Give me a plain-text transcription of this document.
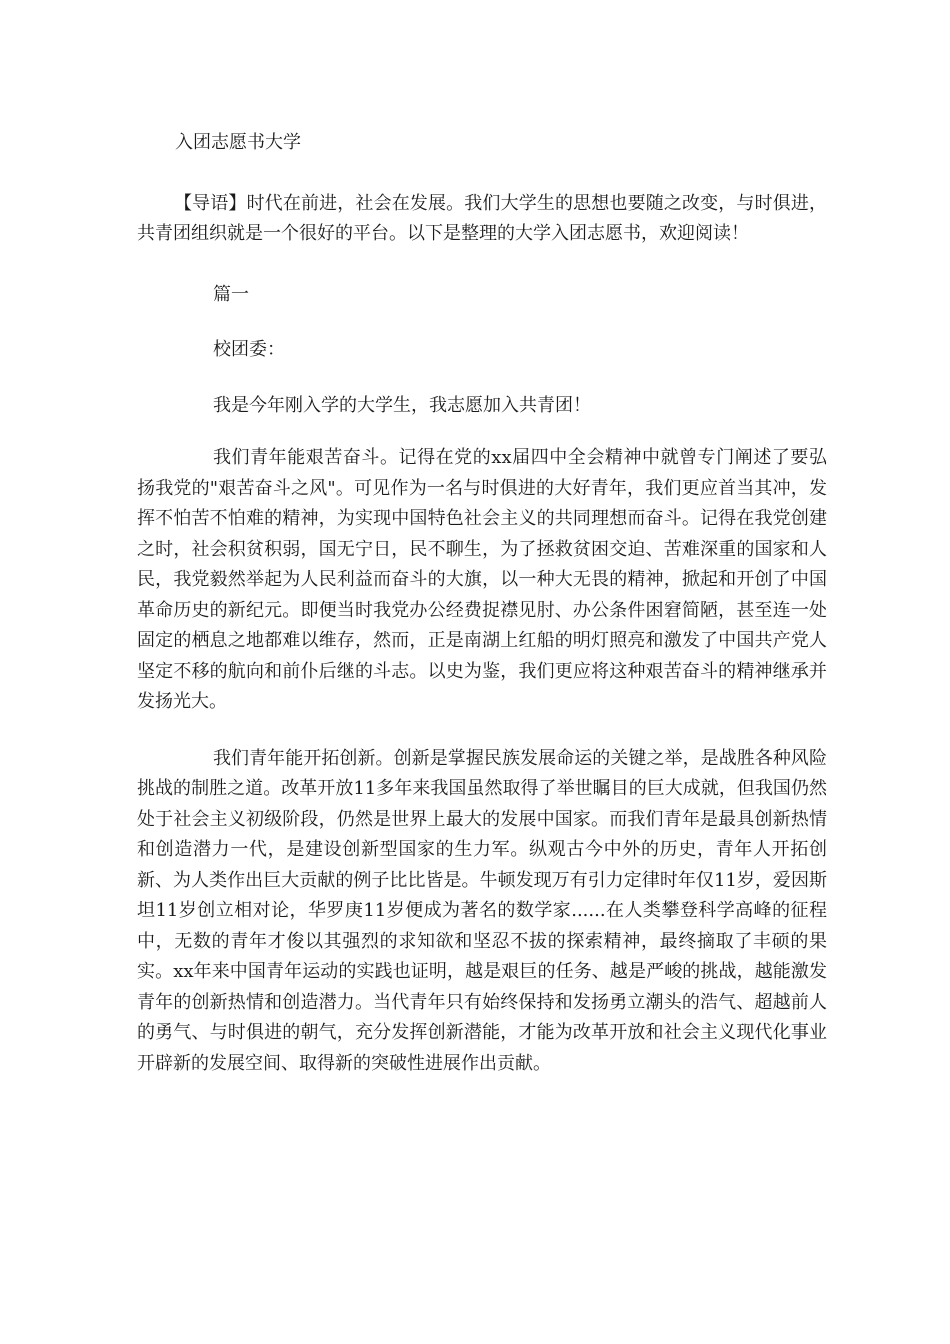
入团志愿书大学

【导语】时代在前进，社会在发展。我们大学生的思想也要随之改变，与时俱进，共青团组织就是一个很好的平台。以下是整理的大学入团志愿书，欢迎阅读！

篇一

校团委：

我是今年刚入学的大学生，我志愿加入共青团！

我们青年能艰苦奋斗。记得在党的xx届四中全会精神中就曾专门阐述了要弘扬我党的"艰苦奋斗之风"。可见作为一名与时俱进的大好青年，我们更应首当其冲，发挥不怕苦不怕难的精神，为实现中国特色社会主义的共同理想而奋斗。记得在我党创建之时，社会积贫积弱，国无宁日，民不聊生，为了拯救贫困交迫、苦难深重的国家和人民，我党毅然举起为人民利益而奋斗的大旗，以一种大无畏的精神，掀起和开创了中国革命历史的新纪元。即便当时我党办公经费捉襟见肘、办公条件困窘简陋，甚至连一处固定的栖息之地都难以维存，然而，正是南湖上红船的明灯照亮和激发了中国共产党人坚定不移的航向和前仆后继的斗志。以史为鉴，我们更应将这种艰苦奋斗的精神继承并发扬光大。

我们青年能开拓创新。创新是掌握民族发展命运的关键之举，是战胜各种风险挑战的制胜之道。改革开放11多年来我国虽然取得了举世瞩目的巨大成就，但我国仍然处于社会主义初级阶段，仍然是世界上最大的发展中国家。而我们青年是最具创新热情和创造潜力一代，是建设创新型国家的生力军。纵观古今中外的历史，青年人开拓创新、为人类作出巨大贡献的例子比比皆是。牛顿发现万有引力定律时年仅11岁，爱因斯坦11岁创立相对论，华罗庚11岁便成为著名的数学家......在人类攀登科学高峰的征程中，无数的青年才俊以其强烈的求知欲和坚忍不拔的探索精神，最终摘取了丰硕的果实。xx年来中国青年运动的实践也证明，越是艰巨的任务、越是严峻的挑战，越能激发青年的创新热情和创造潜力。当代青年只有始终保持和发扬勇立潮头的浩气、超越前人的勇气、与时俱进的朝气，充分发挥创新潜能，才能为改革开放和社会主义现代化事业开辟新的发展空间、取得新的突破性进展作出贡献。
